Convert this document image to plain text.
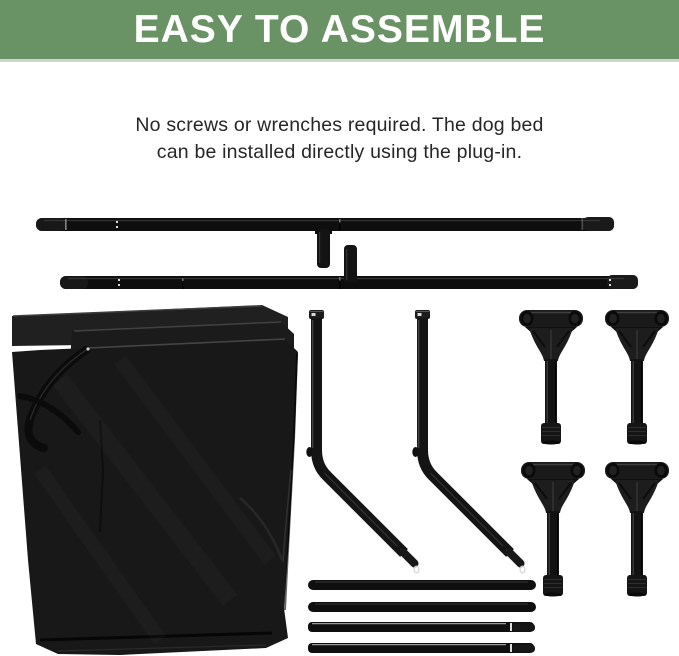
EASY TO ASSEMBLE
No screws or wrenches required. The dog bed
can be installed directly using the plug-in.
